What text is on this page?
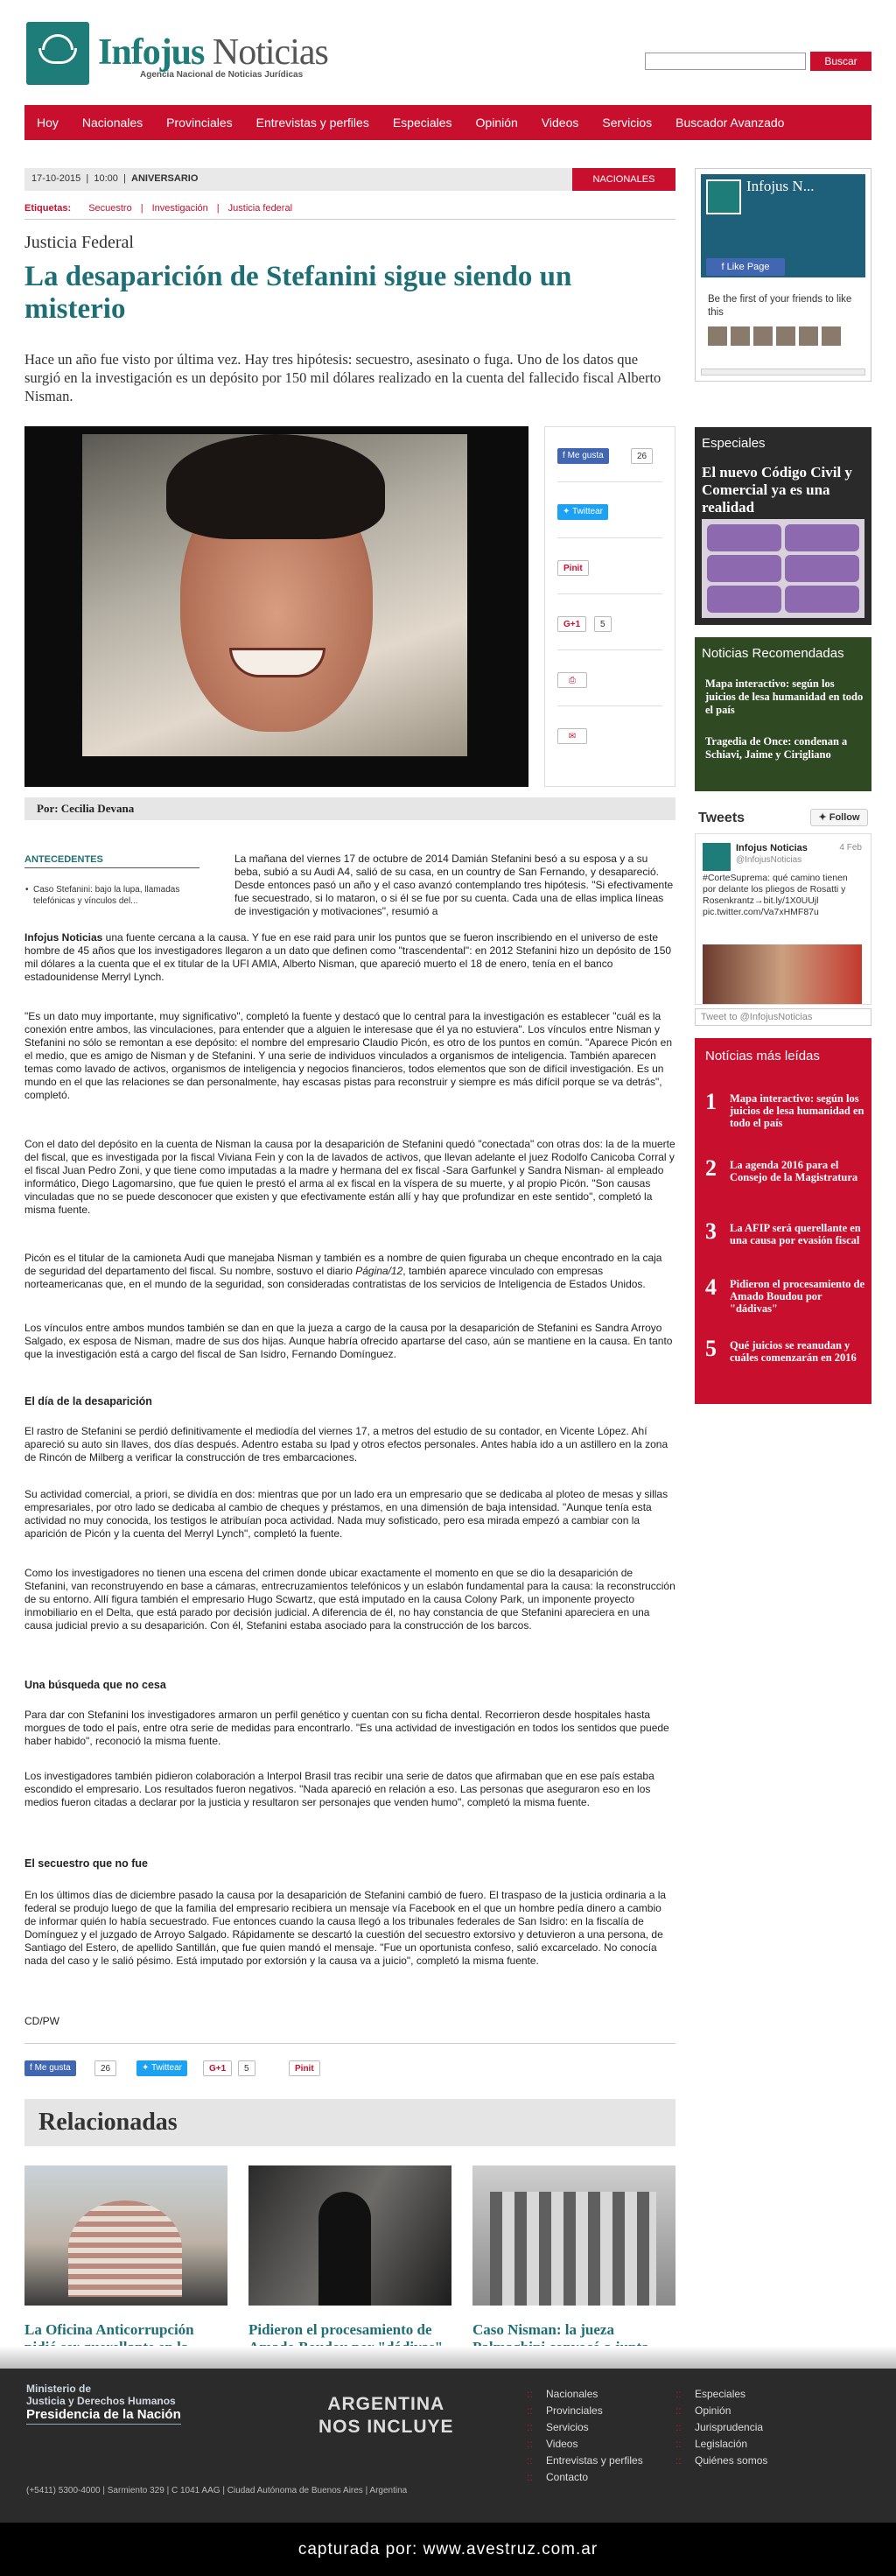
Infojus Noticias
Agencia Nacional de Noticias Jurídicas
Buscar
Hoy Nacionales Provinciales Entrevistas y perfiles Especiales Opinión Videos Servicios Buscador Avanzado
17-10-2015  |  10:00  |  ANIVERSARIO	NACIONALES
Etiquetas: Secuestro | Investigación | Justicia federal
Justicia Federal
La desaparición de Stefanini sigue siendo un misterio

Hace un año fue visto por última vez. Hay tres hipótesis: secuestro, asesinato o fuga. Uno de los datos que surgió en la investigación es un depósito por 150 mil dólares realizado en la cuenta del fallecido fiscal Alberto Nisman.

f Me gusta	26
✦ Twittear
Pinit
G+1	5
⎙
✉
Por: Cecilia Devana
ANTECEDENTES
• Caso Stefanini: bajo la lupa, llamadas telefónicas y vínculos del...

La mañana del viernes 17 de octubre de 2014 Damián Stefanini besó a su esposa y a su beba, subió a su Audi A4, salió de su casa, en un country de San Fernando, y desapareció. Desde entonces pasó un año y el caso avanzó contemplando tres hipótesis. "Si efectivamente fue secuestrado, si lo mataron, o si él se fue por su cuenta. Cada una de ellas implica líneas de investigación y motivaciones", resumió a

Infojus Noticias una fuente cercana a la causa. Y fue en ese raid para unir los puntos que se fueron inscribiendo en el universo de este hombre de 45 años que los investigadores llegaron a un dato que definen como "trascendental": en 2012 Stefanini hizo un depósito de 150 mil dólares a la cuenta que el ex titular de la UFI AMIA, Alberto Nisman, que apareció muerto el 18 de enero, tenía en el banco estadounidense Merryl Lynch.

"Es un dato muy importante, muy significativo", completó la fuente y destacó que lo central para la investigación es establecer "cuál es la conexión entre ambos, las vinculaciones, para entender que a alguien le interesase que él ya no estuviera". Los vínculos entre Nisman y Stefanini no sólo se remontan a ese depósito: el nombre del empresario Claudio Picón, es otro de los puntos en común. "Aparece Picón en el medio, que es amigo de Nisman y de Stefanini. Y una serie de individuos vinculados a organismos de inteligencia. También aparecen temas como lavado de activos, organismos de inteligencia y negocios financieros, todos elementos que son de difícil investigación. Es un mundo en el que las relaciones se dan personalmente, hay escasas pistas para reconstruir y siempre es más difícil porque se va detrás", completó.

Con el dato del depósito en la cuenta de Nisman la causa por la desaparición de Stefanini quedó "conectada" con otras dos: la de la muerte del fiscal, que es investigada por la fiscal Viviana Fein y con la de lavados de activos, que llevan adelante el juez Rodolfo Canicoba Corral y el fiscal Juan Pedro Zoni, y que tiene como imputadas a la madre y hermana del ex fiscal -Sara Garfunkel y Sandra Nisman- al empleado informático, Diego Lagomarsino, que fue quien le prestó el arma al ex fiscal en la víspera de su muerte, y al propio Picón. "Son causas vinculadas que no se puede desconocer que existen y que efectivamente están allí y hay que profundizar en este sentido", completó la misma fuente.

Picón es el titular de la camioneta Audi que manejaba Nisman y también es a nombre de quien figuraba un cheque encontrado en la caja de seguridad del departamento del fiscal. Su nombre, sostuvo el diario Página/12, también aparece vinculado con empresas norteamericanas que, en el mundo de la seguridad, son consideradas contratistas de los servicios de Inteligencia de Estados Unidos.

Los vínculos entre ambos mundos también se dan en que la jueza a cargo de la causa por la desaparición de Stefanini es Sandra Arroyo Salgado, ex esposa de Nisman, madre de sus dos hijas. Aunque habría ofrecido apartarse del caso, aún se mantiene en la causa. En tanto que la investigación está a cargo del fiscal de San Isidro, Fernando Domínguez.

El día de la desaparición

El rastro de Stefanini se perdió definitivamente el mediodía del viernes 17, a metros del estudio de su contador, en Vicente López. Ahí apareció su auto sin llaves, dos días después. Adentro estaba su Ipad y otros efectos personales. Antes había ido a un astillero en la zona de Rincón de Milberg a verificar la construcción de tres embarcaciones.

Su actividad comercial, a priori, se dividía en dos: mientras que por un lado era un empresario que se dedicaba al ploteo de mesas y sillas empresariales, por otro lado se dedicaba al cambio de cheques y préstamos, en una dimensión de baja intensidad. "Aunque tenía esta actividad no muy conocida, los testigos le atribuían poca actividad. Nada muy sofisticado, pero esa mirada empezó a cambiar con la aparición de Picón y la cuenta del Merryl Lynch", completó la fuente.

Como los investigadores no tienen una escena del crimen donde ubicar exactamente el momento en que se dio la desaparición de Stefanini, van reconstruyendo en base a cámaras, entrecruzamientos telefónicos y un eslabón fundamental para la causa: la reconstrucción de su entorno. Allí figura también el empresario Hugo Scwartz, que está imputado en la causa Colony Park, un imponente proyecto inmobiliario en el Delta, que está parado por decisión judicial. A diferencia de él, no hay constancia de que Stefanini apareciera en una causa judicial previo a su desaparición. Con él, Stefanini estaba asociado para la construcción de los barcos.

Una búsqueda que no cesa

Para dar con Stefanini los investigadores armaron un perfil genético y cuentan con su ficha dental. Recorrieron desde hospitales hasta morgues de todo el país, entre otra serie de medidas para encontrarlo. "Es una actividad de investigación en todos los sentidos que puede haber habido", reconoció la misma fuente.

Los investigadores también pidieron colaboración a Interpol Brasil tras recibir una serie de datos que afirmaban que en ese país estaba escondido el empresario. Los resultados fueron negativos. "Nada apareció en relación a eso. Las personas que aseguraron eso en los medios fueron citadas a declarar por la justicia y resultaron ser personajes que venden humo", completó la misma fuente.

El secuestro que no fue

En los últimos días de diciembre pasado la causa por la desaparición de Stefanini cambió de fuero. El traspaso de la justicia ordinaria a la federal se produjo luego de que la familia del empresario recibiera un mensaje vía Facebook en el que un hombre pedía dinero a cambio de informar quién lo había secuestrado. Fue entonces cuando la causa llegó a los tribunales federales de San Isidro: en la fiscalía de Domínguez y el juzgado de Arroyo Salgado. Rápidamente se descartó la cuestión del secuestro extorsivo y detuvieron a una persona, de Santiago del Estero, de apellido Santillán, que fue quien mandó el mensaje. "Fue un oportunista confeso, salió excarcelado. No conocía nada del caso y le salió pésimo. Está imputado por extorsión y la causa va a juicio", completó la misma fuente.

CD/PW

f Me gusta	26	✦ Twittear	G+1	5	Pinit
Relacionadas
La Oficina Anticorrupción	Pidieron el procesamiento de	Caso Nisman: la jueza
Infojus N...
f Like Page
Be the first of your friends to like this
Especiales
El nuevo Código Civil y Comercial ya es una realidad
Noticias Recomendadas
Mapa interactivo: según los juicios de lesa humanidad en todo el país
Tragedia de Once: condenan a Schiavi, Jaime y Cirigliano
Tweets	✦ Follow
Infojus Noticias
@InfojusNoticias
4 Feb
#CorteSuprema: qué camino tienen por delante los pliegos de Rosatti y Rosenkrantz→bit.ly/1X0UUjl pic.twitter.com/Va7xHMF87u
Tweet to @InfojusNoticias
Notícias más leídas
1 Mapa interactivo: según los juicios de lesa humanidad en todo el país
2 La agenda 2016 para el Consejo de la Magistratura
3 La AFIP será querellante en una causa por evasión fiscal
4 Pidieron el procesamiento de Amado Boudou por "dádivas"
5 Qué juicios se reanudan y cuáles comenzarán en 2016
Ministerio de
Justicia y Derechos Humanos
Presidencia de la Nación
(+5411) 5300-4000 | Sarmiento 329 | C 1041 AAG | Ciudad Autónoma de Buenos Aires | Argentina
ARGENTINA
NOS INCLUYE
:: Nacionales
:: Provinciales
:: Servicios
:: Videos
:: Entrevistas y perfiles
:: Contacto
:: Especiales
:: Opinión
:: Jurisprudencia
:: Legislación
:: Quiénes somos
capturada por: www.avestruz.com.ar
